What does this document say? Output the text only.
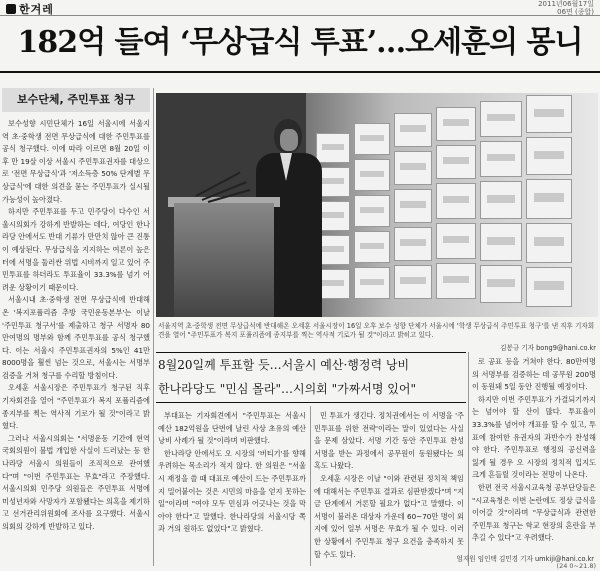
한겨레	2011년06월17일
06면 (종합)
182억 들여 ‘무상급식 투표’…오세훈의 몽니
보수단체, 주민투표 청구

보수성향 시민단체가 16일 서울시에 서울지역 초·중학생 전면 무상급식에 대한 주민투표를 공식 청구했다. 이에 따라 이르면 8월 20일 이후 만 19살 이상 서울시 주민투표권자를 대상으로 '전면 무상급식'과 '저소득층 50% 단계별 무상급식'에 대한 의견을 묻는 주민투표가 실시될 가능성이 높아졌다.

하지만 주민투표를 두고 민주당이 다수인 서울시의회가 강하게 반발하는 데다, 여당인 한나라당 안에서도 반대 기류가 만만치 않아 큰 진통이 예상된다. 무상급식을 지지하는 여론이 높은 터에 서명을 둘러싼 위법 시비까지 일고 있어 주민투표를 하더라도 투표율이 33.3%를 넘기 어려운 상황이기 때문이다.

서울시내 초·중학생 전면 무상급식에 반대해온 '복지포퓰리즘 추방 국민운동본부'는 이날 '주민투표 청구서'를 제출하고 청구 서명자 80만여명의 명부와 함께 주민투표를 공식 청구했다. 이는 서울시 주민투표권자의 5%인 41만8000명을 훨씬 넘는 것으로, 서울시는 서명부 검증을 거쳐 청구를 수리할 방침이다.

오세훈 서울시장은 주민투표가 청구된 직후 기자회견을 열어 "주민투표가 복지 포퓰리즘에 종지부를 찍는 역사적 기로가 될 것"이라고 밝혔다.

그러나 서울시의회는 "서명운동 기간에 현역 국회의원이 불법 개입한 사실이 드러났는 등 한나라당 서울시 의원들이 조직적으로 관여했다"며 "이번 주민투표는 무효"라고 주장했다. 서울시의회 민주당 의원들은 주민투표 서명에 미성년자와 사망자가 포함됐다는 의혹을 제기하고 선거관리위원회에 조사를 요구했다. 서울시의회의 강하게 반발하고 있다.

서울지역 초·중학생 전면 무상급식에 반대해온 오세훈 서울시장이 16일 오후 보수 성향 단체가 서울시에 '학생 무상급식 주민투표 청구'를 낸 직후 기자회견을 열어 "주민투표가 복지 포퓰리즘에 종지부를 찍는 역사적 기로가 될 것"이라고 밝히고 있다.
김봉규 기자 bong9@hani.co.kr
8월20일께 투표할 듯…서울시 예산·행정력 낭비
한나라당도 "민심 몰라"…시의회 "가짜서명 있어"

부대표는 기자회견에서 "주민투표는 서울시 예산 182억원을 단번에 날린 사상 초유의 예산낭비 사례가 될 것"이라며 비판했다.

한나라당 안에서도 오 시장의 '버티기'를 향해 우려하는 목소리가 적지 않다. 한 의원은 "서울시 재정을 쓸 때 대표로 예산이 드는 주민투표까지 밀어붙이는 것은 시민의 마음을 얻지 못하는 일"이라며 "여야 모두 민심과 어긋나는 것을 막아야 한다"고 말했다. 한나라당의 서울시당 쪽과 거의 원하도 없었다"고 밝혔다.

민 투표가 생긴다. 정치권에서는 이 서명을 '주민투표를 위한 전략'이라는 말이 있었다는 사실을 문제 삼았다. 서명 기간 동안 주민투표 찬성 서명을 받는 과정에서 공무원이 동원됐다는 의혹도 나왔다.

오세훈 시장은 이날 "이와 관련된 정치적 책임에 대해서는 주민투표 결과로 심판받겠다"며 "지금 단계에서 거론할 필요가 없다"고 말했다. 이 서명이 불러온 대상자 가운데 60~70만 명이 외지에 있어 일부 서명은 무효가 될 수 있다. 이러한 상황에서 주민투표 청구 요건을 충족하지 못할 수도 있다.

로 공표 등을 거쳐야 한다. 80만여명의 서명부를 검증하는 데 공무원 200명이 동원돼 5일 동안 진행될 예정이다.

하지만 이번 주민투표가 가결되기까지는 넘어야 할 산이 많다. 투표율이 33.3%를 넘어야 개표를 할 수 있고, 투표에 참여한 유권자의 과반수가 찬성해야 한다. 주민투표로 행정의 공신력을 잃게 될 경우 오 시장의 정치적 입지도 크게 흔들릴 것이라는 전망이 나온다.

한편 전국 서울시교육청 공부단당들은 "시교육청은 이번 논란에도 정상 급식을 이어갈 것"이라며 "무상급식과 관련한 주민투표 청구는 학교 현장의 혼란을 부추길 수 있다"고 우려했다.

엄지원 임인택 김민경 기자 umkiji@hani.co.kr
(24 0~21.8)
